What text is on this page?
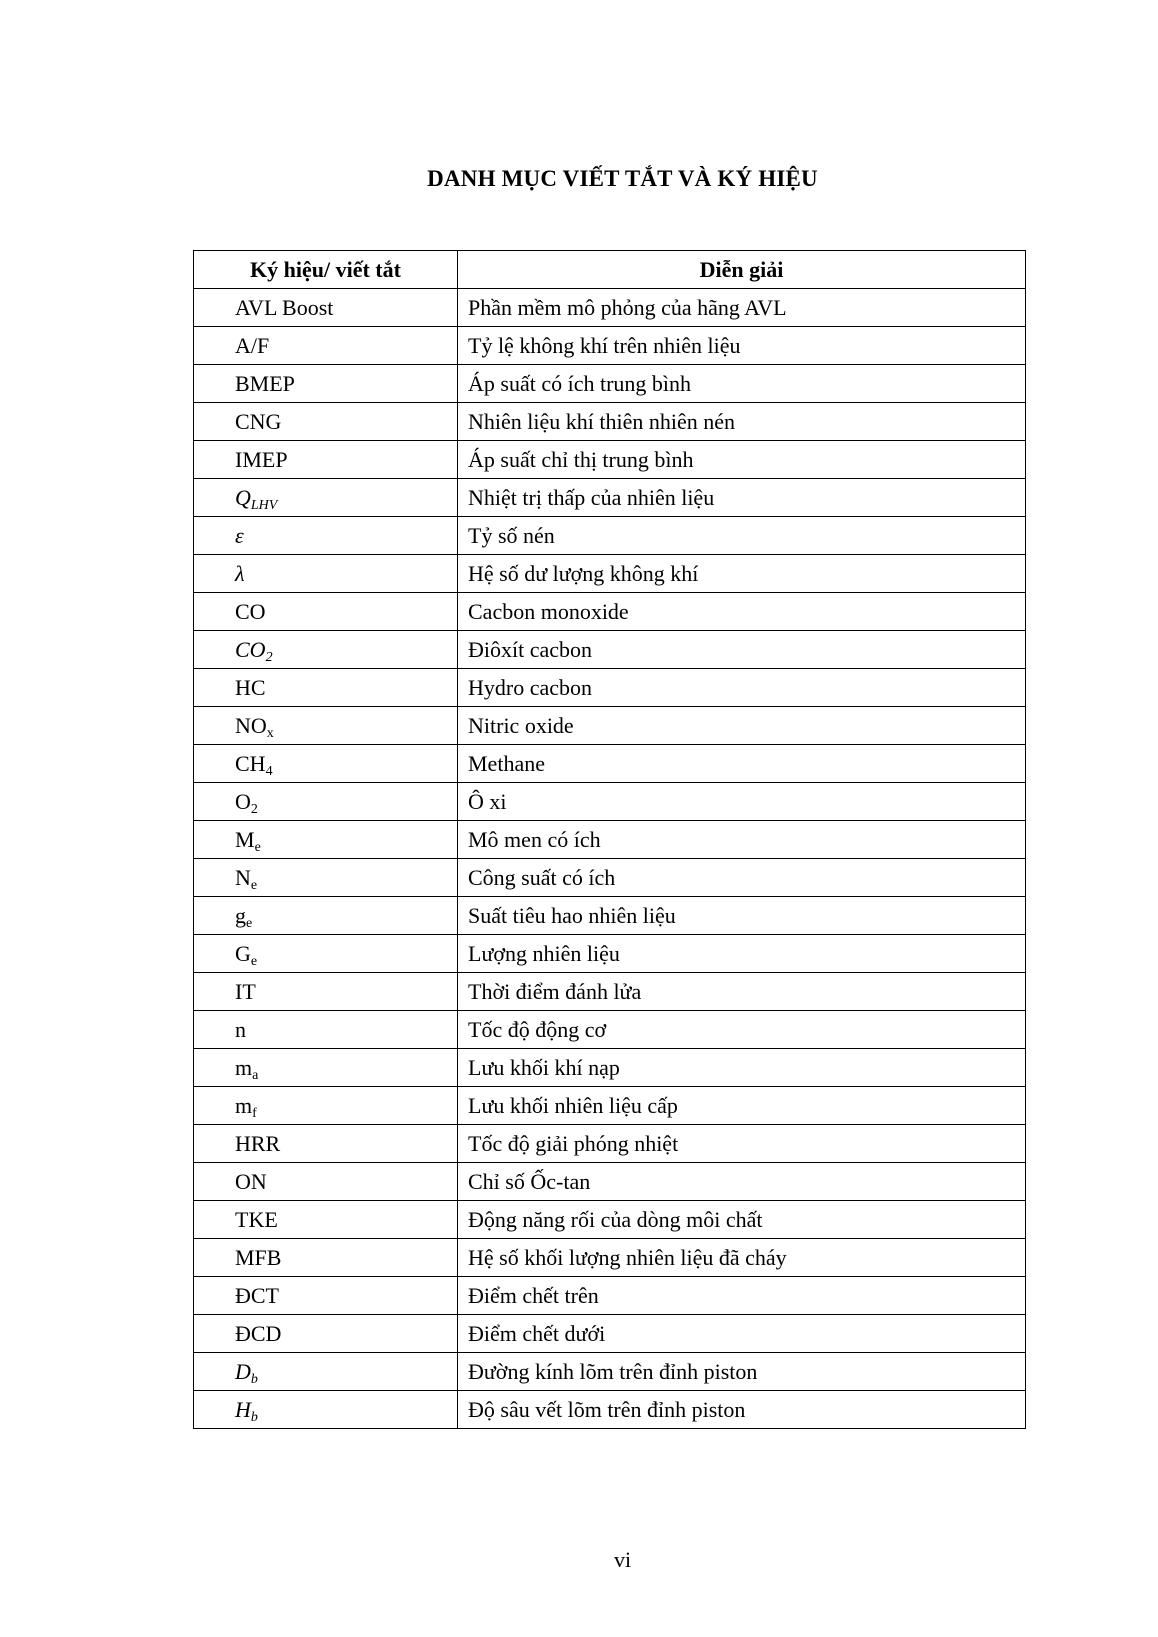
DANH MỤC VIẾT TẮT VÀ KÝ HIỆU
Ký hiệu/ viết tắt	Diễn giải
AVL Boost	Phần mềm mô phỏng của hãng AVL
A/F	Tỷ lệ không khí trên nhiên liệu
BMEP	Áp suất có ích trung bình
CNG	Nhiên liệu khí thiên nhiên nén
IMEP	Áp suất chỉ thị trung bình
$Q_{LHV}$	Nhiệt trị thấp của nhiên liệu
ε	Tỷ số nén
λ	Hệ số dư lượng không khí
CO	Cacbon monoxide
$CO_2$	Điôxít cacbon
HC	Hydro cacbon
$NO_x$	Nitric oxide
$CH_4$	Methane
$O_2$	Ô xi
$M_e$	Mô men có ích
$N_e$	Công suất có ích
$g_e$	Suất tiêu hao nhiên liệu
$G_e$	Lượng nhiên liệu
IT	Thời điểm đánh lửa
n	Tốc độ động cơ
$m_a$	Lưu khối khí nạp
$m_f$	Lưu khối nhiên liệu cấp
HRR	Tốc độ giải phóng nhiệt
ON	Chỉ số Ốc-tan
TKE	Động năng rối của dòng môi chất
MFB	Hệ số khối lượng nhiên liệu đã cháy
ĐCT	Điểm chết trên
ĐCD	Điểm chết dưới
$D_b$	Đường kính lõm trên đỉnh piston
$H_b$	Độ sâu vết lõm trên đỉnh piston
vi
